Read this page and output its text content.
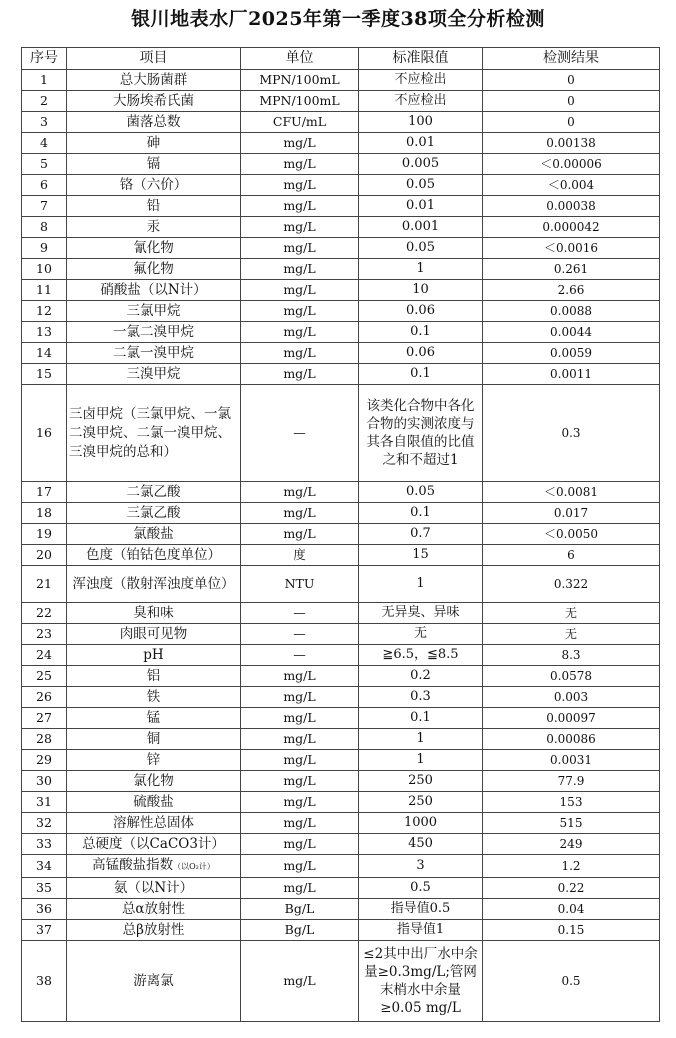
银川地表水厂2025年第一季度38项全分析检测
序号	项目	单位	标准限值	检测结果
1	总大肠菌群	MPN/100mL	不应检出	0
2	大肠埃希氏菌	MPN/100mL	不应检出	0
3	菌落总数	CFU/mL	100	0
4	砷	mg/L	0.01	0.00138
5	镉	mg/L	0.005	＜0.00006
6	铬（六价）	mg/L	0.05	＜0.004
7	铅	mg/L	0.01	0.00038
8	汞	mg/L	0.001	0.000042
9	氰化物	mg/L	0.05	＜0.0016
10	氟化物	mg/L	1	0.261
11	硝酸盐（以N计）	mg/L	10	2.66
12	三氯甲烷	mg/L	0.06	0.0088
13	一氯二溴甲烷	mg/L	0.1	0.0044
14	二氯一溴甲烷	mg/L	0.06	0.0059
15	三溴甲烷	mg/L	0.1	0.0011
16	三卤甲烷（三氯甲烷、一氯二溴甲烷、二氯一溴甲烷、三溴甲烷的总和）	—	该类化合物中各化合物的实测浓度与其各自限值的比值之和不超过1	0.3
17	二氯乙酸	mg/L	0.05	＜0.0081
18	三氯乙酸	mg/L	0.1	0.017
19	氯酸盐	mg/L	0.7	＜0.0050
20	色度（铂钴色度单位）	度	15	6
21	浑浊度（散射浑浊度单位）	NTU	1	0.322
22	臭和味	—	无异臭、异味	无
23	肉眼可见物	—	无	无
24	pH	—	≧6.5，≦8.5	8.3
25	铝	mg/L	0.2	0.0578
26	铁	mg/L	0.3	0.003
27	锰	mg/L	0.1	0.00097
28	铜	mg/L	1	0.00086
29	锌	mg/L	1	0.0031
30	氯化物	mg/L	250	77.9
31	硫酸盐	mg/L	250	153
32	溶解性总固体	mg/L	1000	515
33	总硬度（以CaCO3计）	mg/L	450	249
34	高锰酸盐指数（以O₂计）	mg/L	3	1.2
35	氨（以N计）	mg/L	0.5	0.22
36	总α放射性	Bg/L	指导值0.5	0.04
37	总β放射性	Bg/L	指导值1	0.15
38	游离氯	mg/L	≤2其中出厂水中余量≥0.3mg/L;管网末梢水中余量≥0.05 mg/L	0.5
